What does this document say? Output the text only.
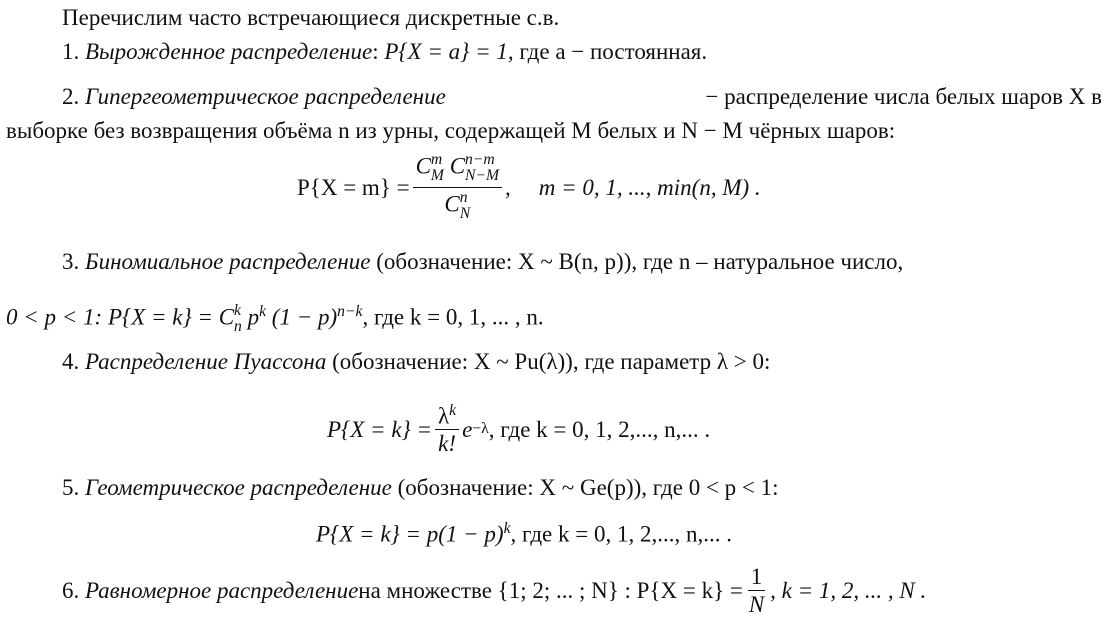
Перечислим часто встречающиеся дискретные с.в.
1. Вырожденное распределение: P{X = a} = 1, где a − постоянная.
2. Гипергеометрическое распределение	− распределение числа белых шаров X в
выборке без возвращения объёма n из урны, содержащей M белых и N − M чёрных шаров:
P{X = m} = C m
M C n−m
N−M
C n
N , m = 0, 1, ..., min(n, M) .
3. Биномиальное распределение (обозначение: X ~ B(n, p)), где n – натуральное число,
0 < p < 1: P{X = k} = C k
n $p^k$ $(1 - p)^{n-k}$, где k = 0, 1, ... , n.
4. Распределение Пуассона (обозначение: X ~ Pu(λ)), где параметр λ > 0:
$P\{X = k\} = \frac{\lambda^k}{k!}$ e −λ , где k = 0, 1, 2,..., n,... .
5. Геометрическое распределение (обозначение: X ~ Ge(p)), где 0 < p < 1:
$P\{X = k\} = p(1 - p)^k$, где k = 0, 1, 2,..., n,... .
6.
Равномерное распределение на множестве {1; 2; ... ; N} : $P\{X = k\} = \frac{1}{N}$ , k = 1, 2, ... , N .
